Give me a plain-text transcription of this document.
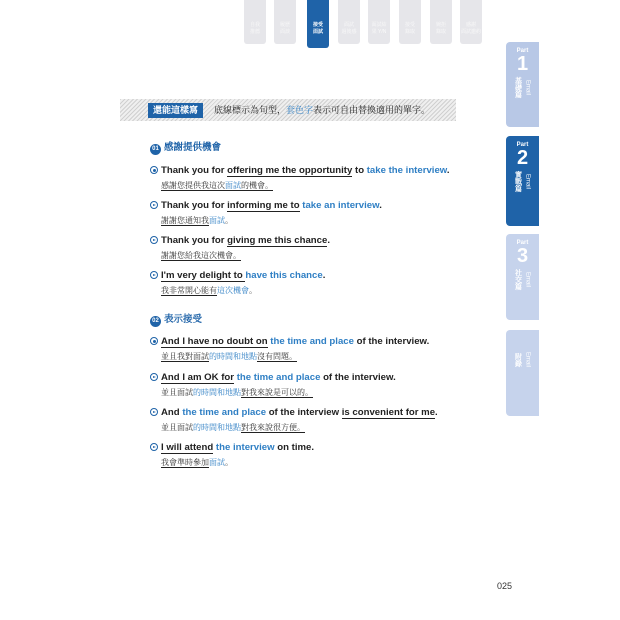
自我
推薦
履歷
面談
接受
面試
面試
過後感
面試結
果 Y/N
接受
錄取
婉拒
錄取
感謝
面試邀約
Part
1
Email
基礎篇
Part
2
Email
實戰篇
Part
3
Email
社交篇
Email
附錄
還能這樣寫	底線標示為句型，套色字表示可自由替換適用的單字。
01 感謝提供機會
Thank you for offering me the opportunity to take the interview.
感謝您提供我這次面試的機會。
Thank you for informing me to take an interview.
謝謝您通知我面試。
Thank you for giving me this chance.
謝謝您給我這次機會。
I'm very delight to have this chance.
我非常開心能有這次機會。
02 表示接受
And I have no doubt on the time and place of the interview.
並且我對面試的時間和地點沒有問題。
And I am OK for the time and place of the interview.
並且面試的時間和地點對我來說是可以的。
And the time and place of the interview is convenient for me.
並且面試的時間和地點對我來說很方便。
I will attend the interview on time.
我會準時參加面試。
025
